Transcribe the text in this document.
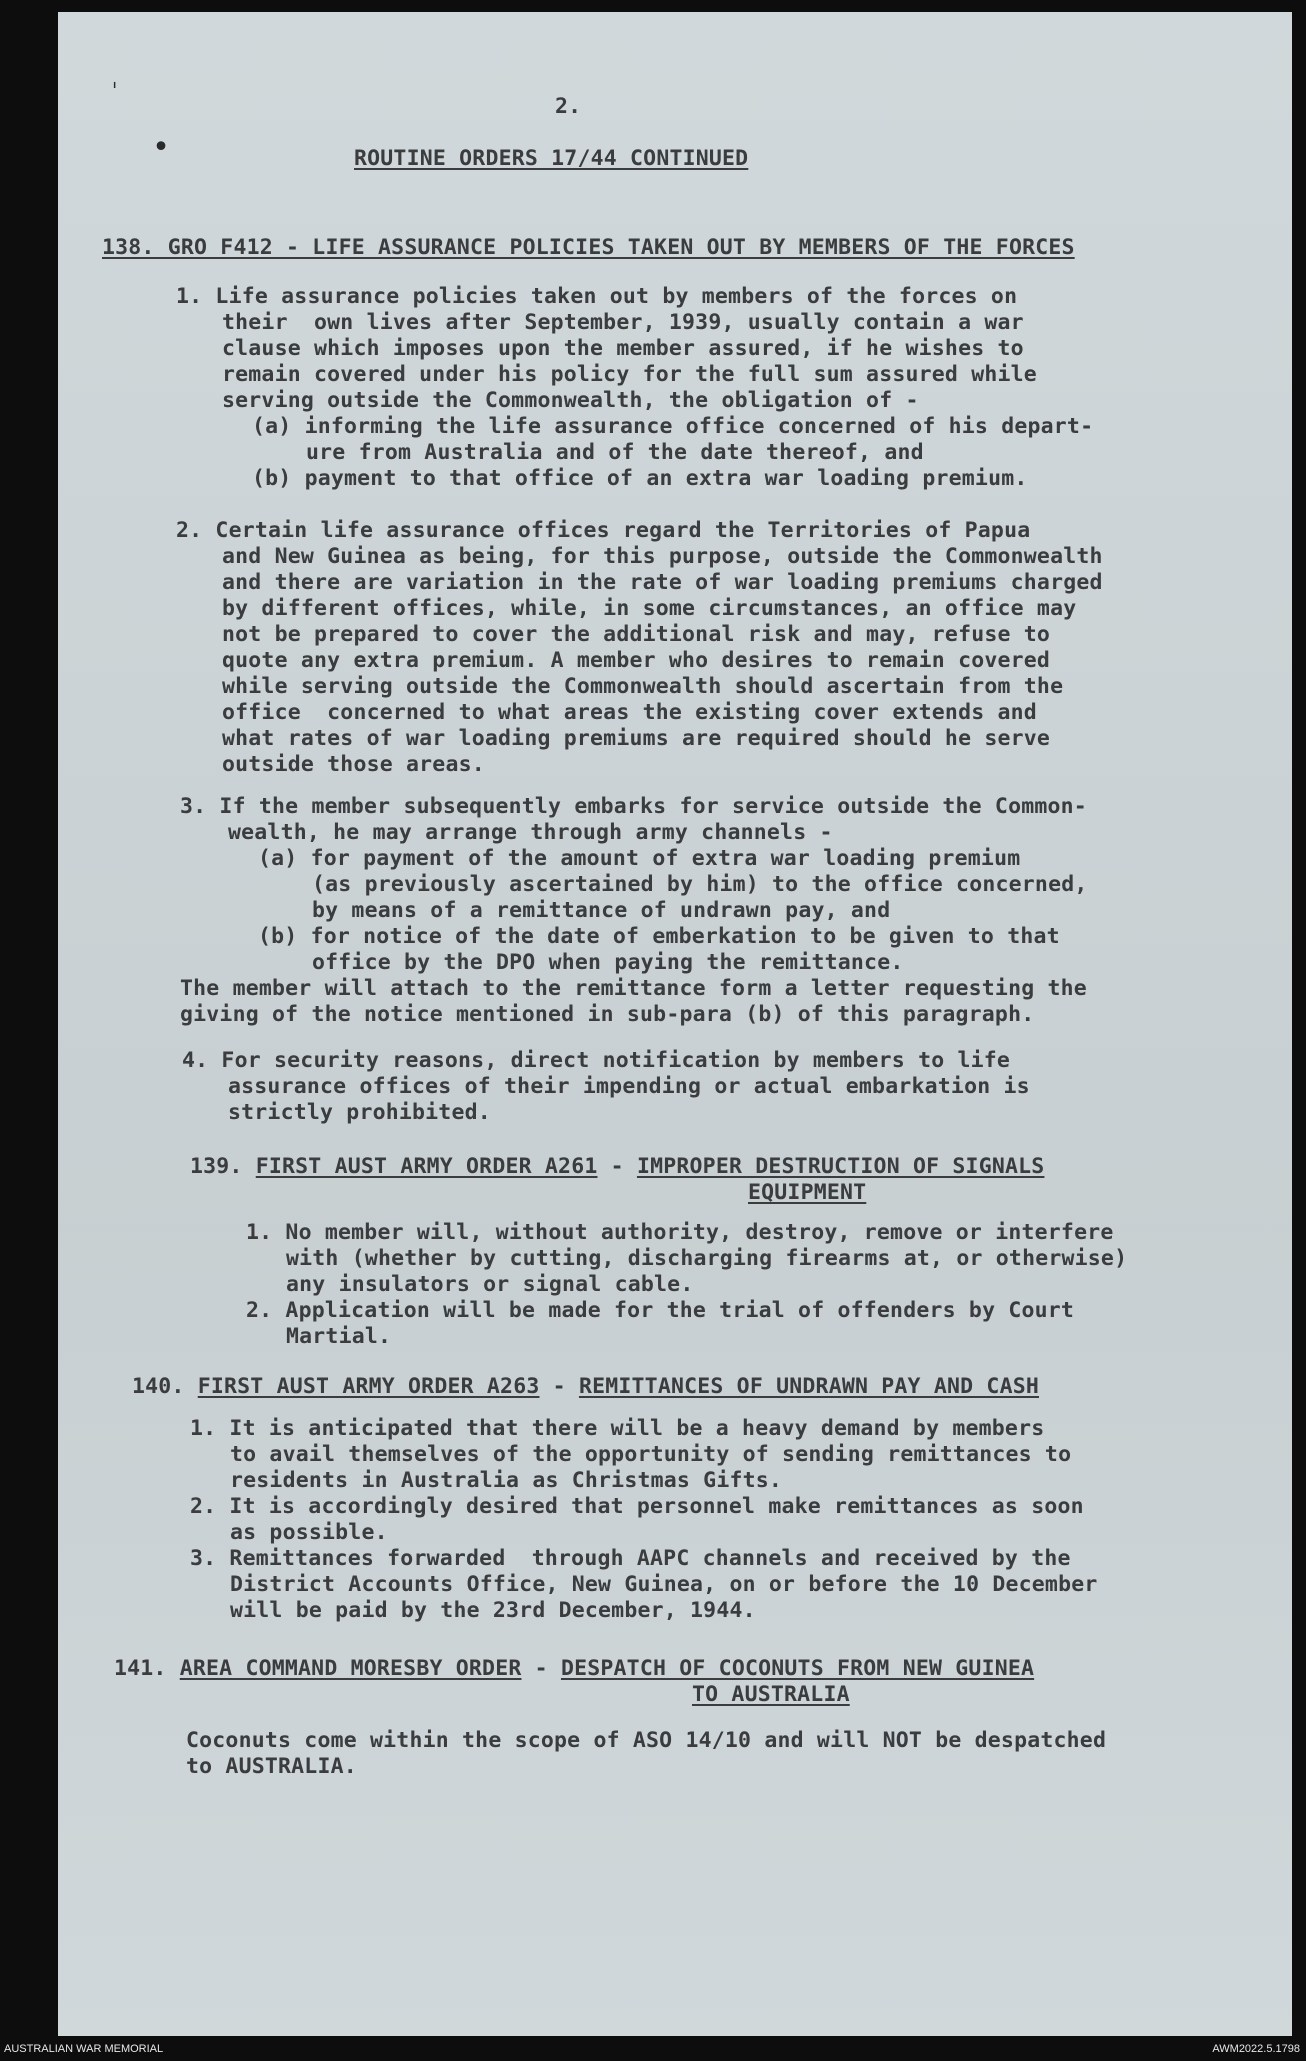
ˈ
•
2.
ROUTINE ORDERS 17/44 CONTINUED
138. GRO F412 - LIFE ASSURANCE POLICIES TAKEN OUT BY MEMBERS OF THE FORCES
1. Life assurance policies taken out by members of the forces on
their  own lives after September, 1939, usually contain a war
clause which imposes upon the member assured, if he wishes to
remain covered under his policy for the full sum assured while
serving outside the Commonwealth, the obligation of -
(a) informing the life assurance office concerned of his depart-
ure from Australia and of the date thereof, and
(b) payment to that office of an extra war loading premium.
2. Certain life assurance offices regard the Territories of Papua
and New Guinea as being, for this purpose, outside the Commonwealth
and there are variation in the rate of war loading premiums charged
by different offices, while, in some circumstances, an office may
not be prepared to cover the additional risk and may, refuse to
quote any extra premium. A member who desires to remain covered
while serving outside the Commonwealth should ascertain from the
office  concerned to what areas the existing cover extends and
what rates of war loading premiums are required should he serve
outside those areas.
3. If the member subsequently embarks for service outside the Common-
wealth, he may arrange through army channels -
(a) for payment of the amount of extra war loading premium
(as previously ascertained by him) to the office concerned,
by means of a remittance of undrawn pay, and
(b) for notice of the date of emberkation to be given to that
office by the DPO when paying the remittance.
The member will attach to the remittance form a letter requesting the
giving of the notice mentioned in sub-para (b) of this paragraph.
4. For security reasons, direct notification by members to life
assurance offices of their impending or actual embarkation is
strictly prohibited.
139. FIRST AUST ARMY ORDER A261 - IMPROPER DESTRUCTION OF SIGNALS
EQUIPMENT
1. No member will, without authority, destroy, remove or interfere
with (whether by cutting, discharging firearms at, or otherwise)
any insulators or signal cable.
2. Application will be made for the trial of offenders by Court
Martial.
140. FIRST AUST ARMY ORDER A263 - REMITTANCES OF UNDRAWN PAY AND CASH
1. It is anticipated that there will be a heavy demand by members
to avail themselves of the opportunity of sending remittances to
residents in Australia as Christmas Gifts.
2. It is accordingly desired that personnel make remittances as soon
as possible.
3. Remittances forwarded  through AAPC channels and received by the
District Accounts Office, New Guinea, on or before the 10 December
will be paid by the 23rd December, 1944.
141. AREA COMMAND MORESBY ORDER - DESPATCH OF COCONUTS FROM NEW GUINEA
TO AUSTRALIA
Coconuts come within the scope of ASO 14/10 and will NOT be despatched
to AUSTRALIA.
AUSTRALIAN WAR MEMORIAL	AWM2022.5.1798
